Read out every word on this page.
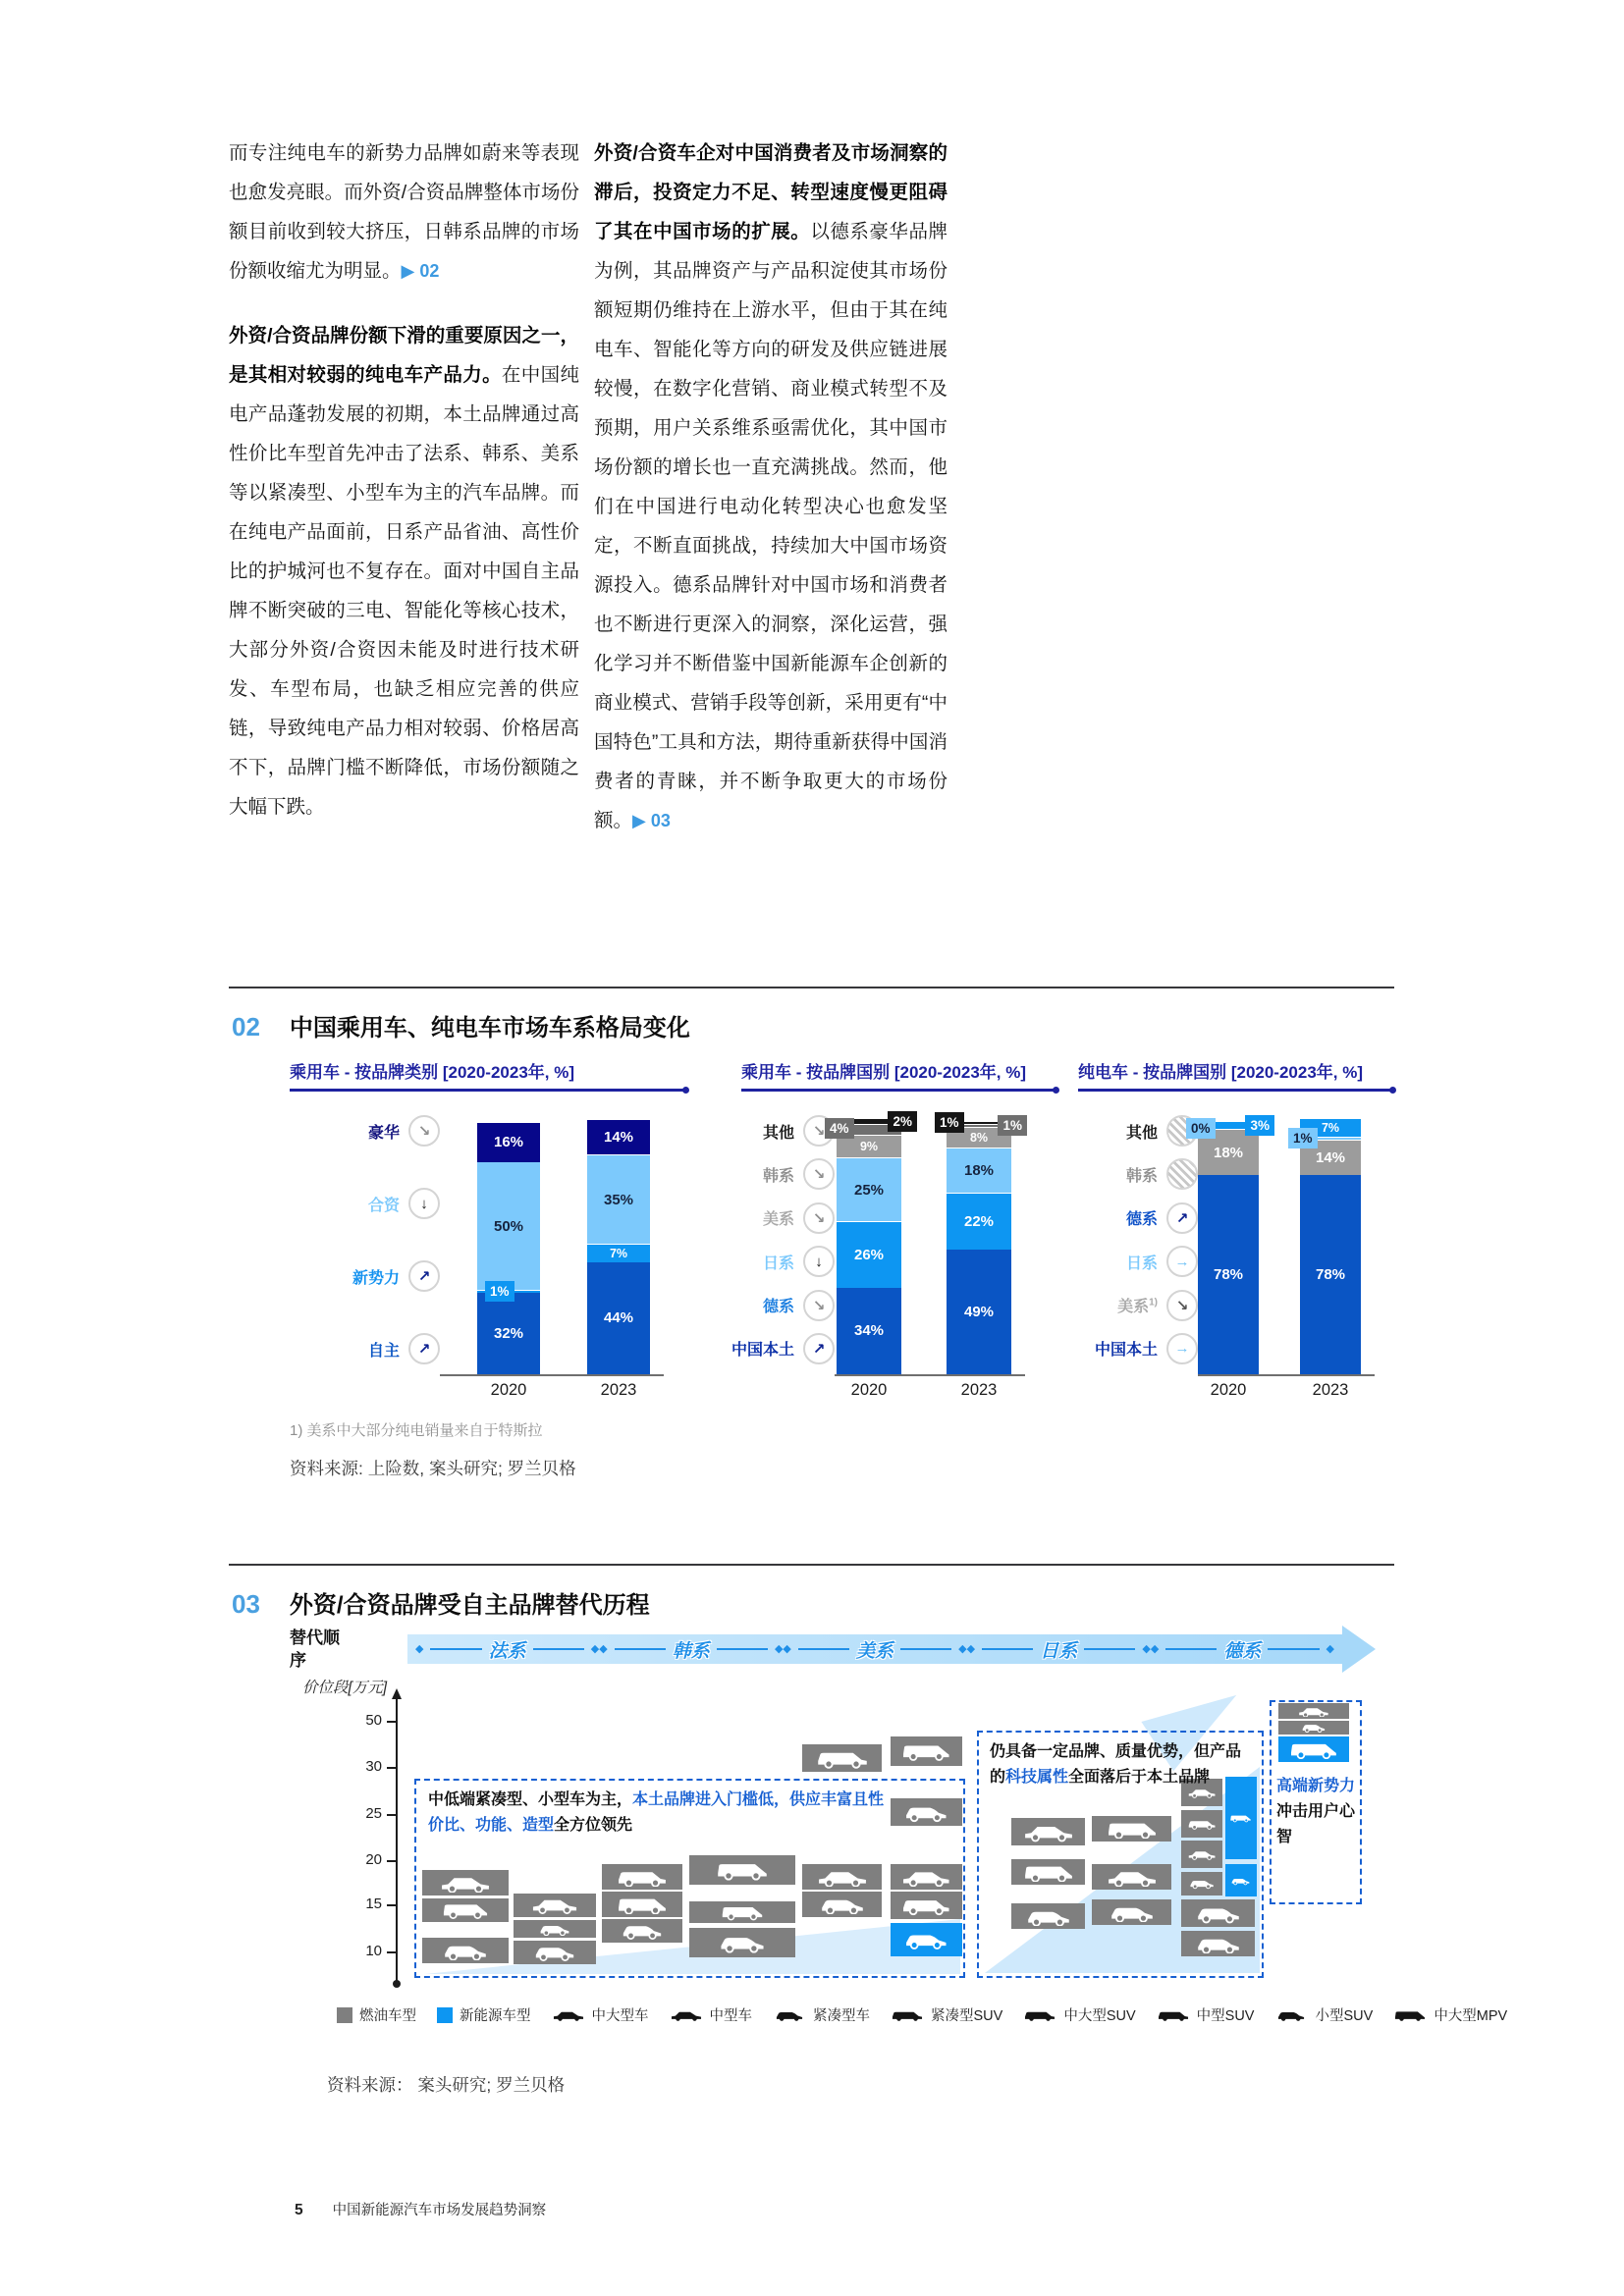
而专注纯电车的新势力品牌如蔚来等表现也愈发亮眼。而外资/合资品牌整体市场份额目前收到较大挤压，日韩系品牌的市场份额收缩尤为明显。▶ 02

外资/合资品牌份额下滑的重要原因之一，是其相对较弱的纯电车产品力。在中国纯电产品蓬勃发展的初期，本土品牌通过高性价比车型首先冲击了法系、韩系、美系等以紧凑型、小型车为主的汽车品牌。而在纯电产品面前，日系产品省油、高性价比的护城河也不复存在。面对中国自主品牌不断突破的三电、智能化等核心技术，大部分外资/合资因未能及时进行技术研发、车型布局，也缺乏相应完善的供应链，导致纯电产品力相对较弱、价格居高不下，品牌门槛不断降低，市场份额随之大幅下跌。

外资/合资车企对中国消费者及市场洞察的滞后，投资定力不足、转型速度慢更阻碍了其在中国市场的扩展。以德系豪华品牌为例，其品牌资产与产品积淀使其市场份额短期仍维持在上游水平，但由于其在纯电车、智能化等方向的研发及供应链进展较慢，在数字化营销、商业模式转型不及预期，用户关系维系亟需优化，其中国市场份额的增长也一直充满挑战。然而，他们在中国进行电动化转型决心也愈发坚定，不断直面挑战，持续加大中国市场资源投入。德系品牌针对中国市场和消费者也不断进行更深入的洞察，深化运营，强化学习并不断借鉴中国新能源车企创新的商业模式、营销手段等创新，采用更有“中国特色”工具和方法，期待重新获得中国消费者的青睐，并不断争取更大的市场份额。▶ 03

02 中国乘用车、纯电车市场车系格局变化
乘用车 - 按品牌类别 [2020-2023年, %]
豪华	↘
合资	↓
新势力	↗
自主	↗
32%
1%
50%
16%
44%
7%
35%
14%
2020	2023
乘用车 - 按品牌国别 [2020-2023年, %]
其他	↘
韩系	↘
美系	↘
日系	↓
德系	↘
中国本土	↗
34%
26%
25%
9%
4%
2%
49%
22%
18%
8%
1%
1%
2020	2023
纯电车 - 按品牌国别 [2020-2023年, %]
其他
韩系
德系	↗
日系	→
美系$^{1)}$	↘
中国本土	→
78%
18%
0%	3%
78%
14%
1%
7%
2020	2023
1) 美系中大部分纯电销量来自于特斯拉
资料来源: 上险数, 案头研究; 罗兰贝格
03 外资/合资品牌受自主品牌替代历程
替代顺序
◆	法系	◆ ◆	韩系	◆ ◆	美系	◆ ◆	日系	◆ ◆	德系	◆
价位段[万元]
中低端紧凑型、小型车为主，本土品牌进入门槛低，供应丰富且性价比、功能、造型全方位领先
仍具备一定品牌、质量优势，但产品的科技属性全面落后于本土品牌
高端新势力冲击用户心智
燃油车型	新能源车型	中大型车	中型车	紧凑型车	紧凑型SUV	中大型SUV	中型SUV	小型SUV	中大型MPV
资料来源： 案头研究; 罗兰贝格
50
30
25
20
15
10
5 中国新能源汽车市场发展趋势洞察
